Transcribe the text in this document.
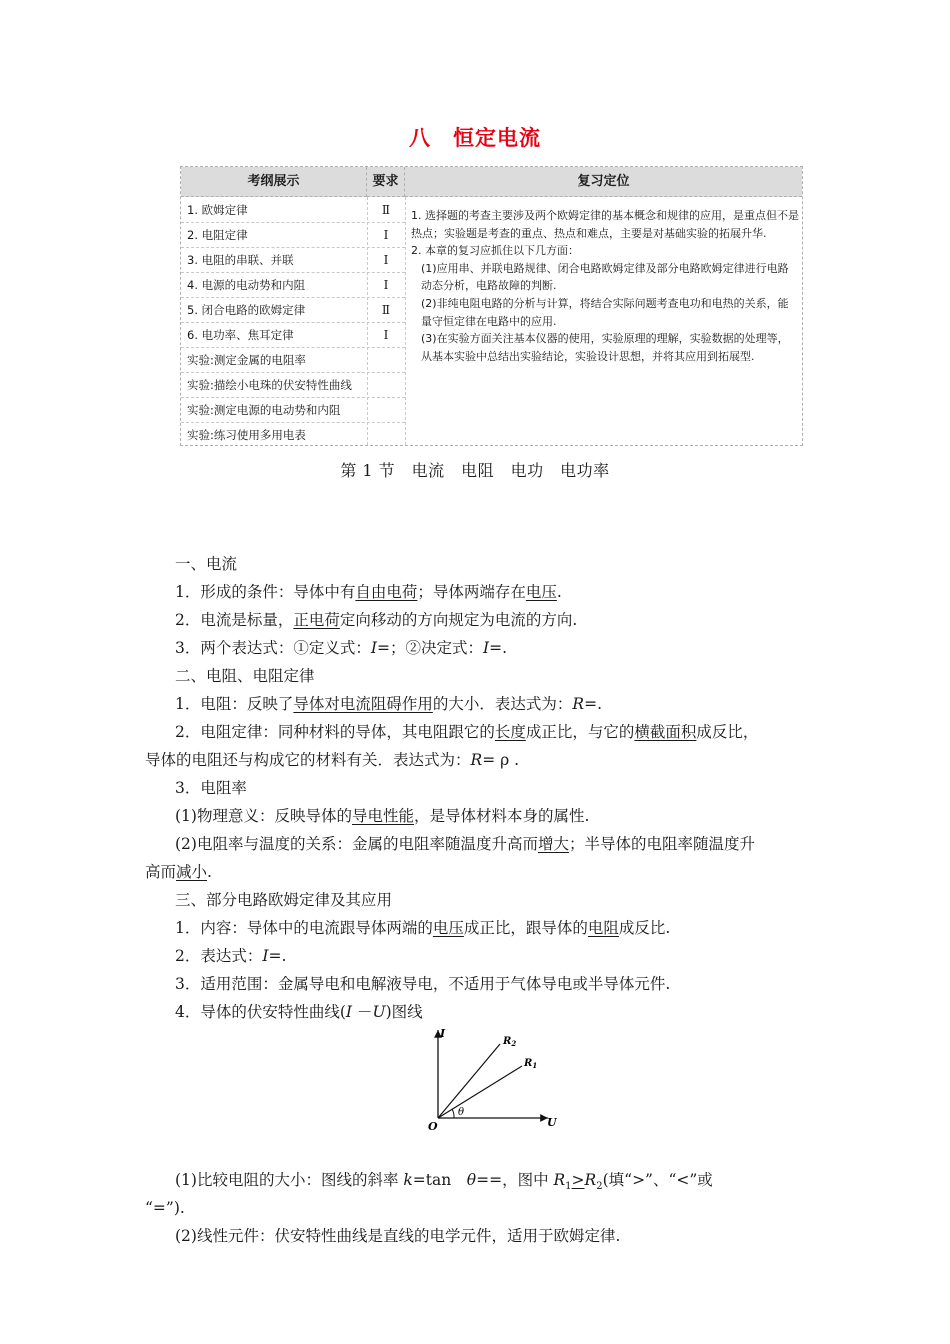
八　恒定电流
考纲展示	要求	复习定位
1. 欧姆定律	Ⅱ
2. 电阻定律	Ⅰ
3. 电阻的串联、并联	Ⅰ
4. 电源的电动势和内阻	Ⅰ
5. 闭合电路的欧姆定律	Ⅱ
6. 电功率、焦耳定律	Ⅰ
实验:测定金属的电阻率
实验:描绘小电珠的伏安特性曲线
实验:测定电源的电动势和内阻
实验:练习使用多用电表

1. 选择题的考查主要涉及两个欧姆定律的基本概念和规律的应用，是重点但不是热点；实验题是考查的重点、热点和难点，主要是对基础实验的拓展升华.

2. 本章的复习应抓住以下几方面：

(1)应用串、并联电路规律、闭合电路欧姆定律及部分电路欧姆定律进行电路动态分析，电路故障的判断.

(2)非纯电阻电路的分析与计算，将结合实际问题考查电功和电热的关系，能量守恒定律在电路中的应用.

(3)在实验方面关注基本仪器的使用，实验原理的理解，实验数据的处理等，从基本实验中总结出实验结论，实验设计思想，并将其应用到拓展型.

第 1 节　电流　电阻　电功　电功率
一、电流
1．形成的条件：导体中有自由电荷；导体两端存在电压.
2．电流是标量，正电荷定向移动的方向规定为电流的方向.
3．两个表达式：①定义式：I=；②决定式：I=.
二、电阻、电阻定律
1．电阻：反映了导体对电流阻碍作用的大小．表达式为：R=.
2．电阻定律：同种材料的导体，其电阻跟它的长度成正比，与它的横截面积成反比，
导体的电阻还与构成它的材料有关．表达式为：R= ρ .
3．电阻率
(1)物理意义：反映导体的导电性能，是导体材料本身的属性.
(2)电阻率与温度的关系：金属的电阻率随温度升高而增大；半导体的电阻率随温度升
高而减小.
三、部分电路欧姆定律及其应用
1．内容：导体中的电流跟导体两端的电压成正比，跟导体的电阻成反比.
2．表达式：I=.
3．适用范围：金属导电和电解液导电，不适用于气体导电或半导体元件.
4．导体的伏安特性曲线(I －U)图线
(1)比较电阻的大小：图线的斜率 k=tan　θ==，图中 $R_1>R_2$(填“>”、“<”或
“=”).
(2)线性元件：伏安特性曲线是直线的电学元件，适用于欧姆定律.
I
U
O
θ
$R_2$
$R_1$
